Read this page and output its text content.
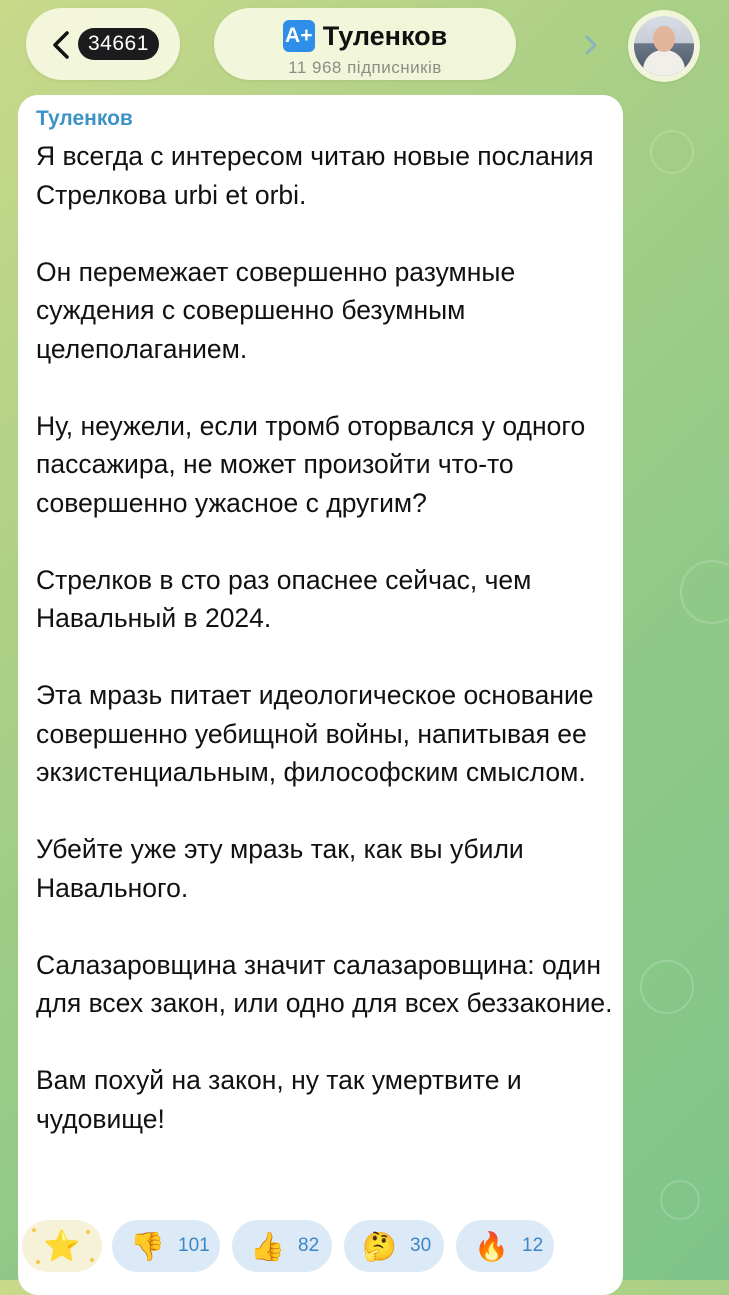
34661	A+ Туленков
11 968 підписників
Туленков

Я всегда с интересом читаю новые послания Стрелкова urbi et orbi.

Он перемежает совершенно разумные суждения с совершенно безумным целеполаганием.

Ну, неужели, если тромб оторвался у одного пассажира, не может произойти что-то совершенно ужасное с другим?

Стрелков в сто раз опаснее сейчас, чем Навальный в 2024.

Эта мразь питает идеологическое основание совершенно уебищной войны, напитывая ее экзистенциальным, философским смыслом.

Убейте уже эту мразь так, как вы убили Навального.

Салазаровщина значит салазаровщина: один для всех закон, или одно для всех беззаконие.

Вам похуй на закон, ну так умертвите и чудовище!

⭐ 👎 101 👍 82 🤔 30 🔥 12
